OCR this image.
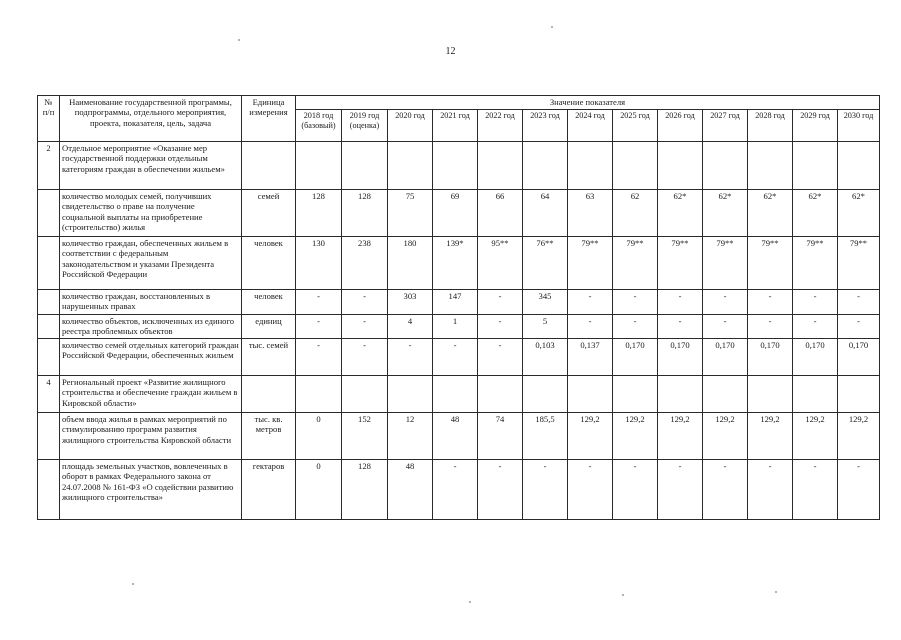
12
№ п/п	Наименование государственной программы, подпрограммы, отдельного мероприятия, проекта, показателя, цель, задача	Единица измерения	Значение показателя												
			2018 год (базовый)	2019 год (оценка)	2020 год	2021 год	2022 год	2023 год	2024 год	2025 год	2026 год	2027 год	2028 год	2029 год	2030 год
2	Отдельное мероприятие «Оказание мер государственной поддержки отдельным категориям граждан в обеспечении жильем»														
	количество молодых семей, получивших свидетельство о праве на получение социальной выплаты на приобретение (строительство) жилья	семей	128	128	75	69	66	64	63	62	62*	62*	62*	62*	62*
	количество граждан, обеспеченных жильем в соответствии с федеральным законодательством и указами Президента Российской Федерации	человек	130	238	180	139*	95**	76**	79**	79**	79**	79**	79**	79**	79**
	количество граждан, восстановленных в нарушенных правах	человек	-	-	303	147	-	345	-	-	-	-	-	-	-
	количество объектов, исключенных из единого реестра проблемных объектов	единиц	-	-	4	1	-	5	-	-	-	-	-	-	-
	количество семей отдельных категорий граждан Российской Федерации, обеспеченных жильем	тыс. семей	-	-	-	-	-	0,103	0,137	0,170	0,170	0,170	0,170	0,170	0,170
4	Региональный проект «Развитие жилищного строительства и обеспечение граждан жильем в Кировской области»														
	объем ввода жилья в рамках мероприятий по стимулированию программ развития жилищного строительства Кировской области	тыс. кв. метров	0	152	12	48	74	185,5	129,2	129,2	129,2	129,2	129,2	129,2	129,2
	площадь земельных участков, вовлеченных в оборот в рамках Федерального закона от 24.07.2008 № 161-ФЗ «О содействии развитию жилищного строительства»	гектаров	0	128	48	-	-	-	-	-	-	-	-	-	-
